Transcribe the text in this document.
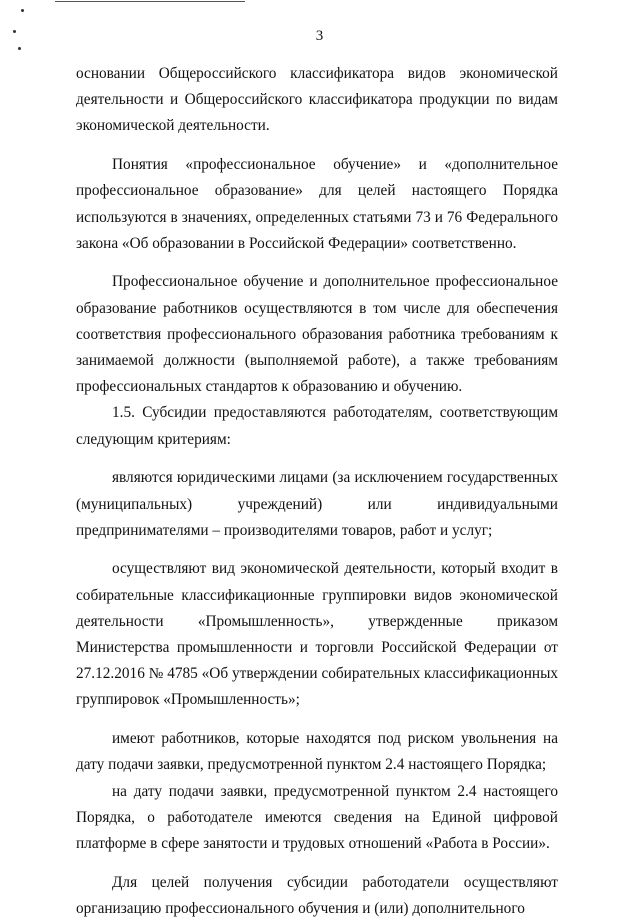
3

основании Общероссийского классификатора видов экономической деятельности и Общероссийского классификатора продукции по видам экономической деятельности.

Понятия «профессиональное обучение» и «дополнительное профессиональное образование» для целей настоящего Порядка используются в значениях, определенных статьями 73 и 76 Федерального закона «Об образовании в Российской Федерации» соответственно.

Профессиональное обучение и дополнительное профессиональное образование работников осуществляются в том числе для обеспечения соответствия профессионального образования работника требованиям к занимаемой должности (выполняемой работе), а также требованиям профессиональных стандартов к образованию и обучению.

1.5. Субсидии предоставляются работодателям, соответствующим следующим критериям:

являются юридическими лицами (за исключением государственных (муниципальных) учреждений) или индивидуальными предпринимателями – производителями товаров, работ и услуг;

осуществляют вид экономической деятельности, который входит в собирательные классификационные группировки видов экономической деятельности «Промышленность», утвержденные приказом Министерства промышленности и торговли Российской Федерации от 27.12.2016 № 4785 «Об утверждении собирательных классификационных группировок «Промышленность»;

имеют работников, которые находятся под риском увольнения на дату подачи заявки, предусмотренной пунктом 2.4 настоящего Порядка;

на дату подачи заявки, предусмотренной пунктом 2.4 настоящего Порядка, о работодателе имеются сведения на Единой цифровой платформе в сфере занятости и трудовых отношений «Работа в России».

Для целей получения субсидии работодатели осуществляют организацию профессионального обучения и (или) дополнительного
